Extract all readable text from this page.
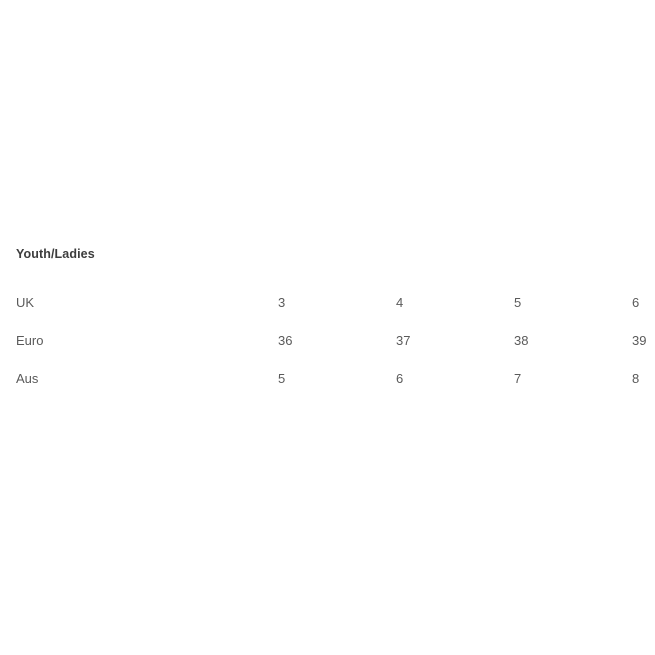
Youth/Ladies
UK	3	4	5	6
Euro	36	37	38	39
Aus	5	6	7	8
